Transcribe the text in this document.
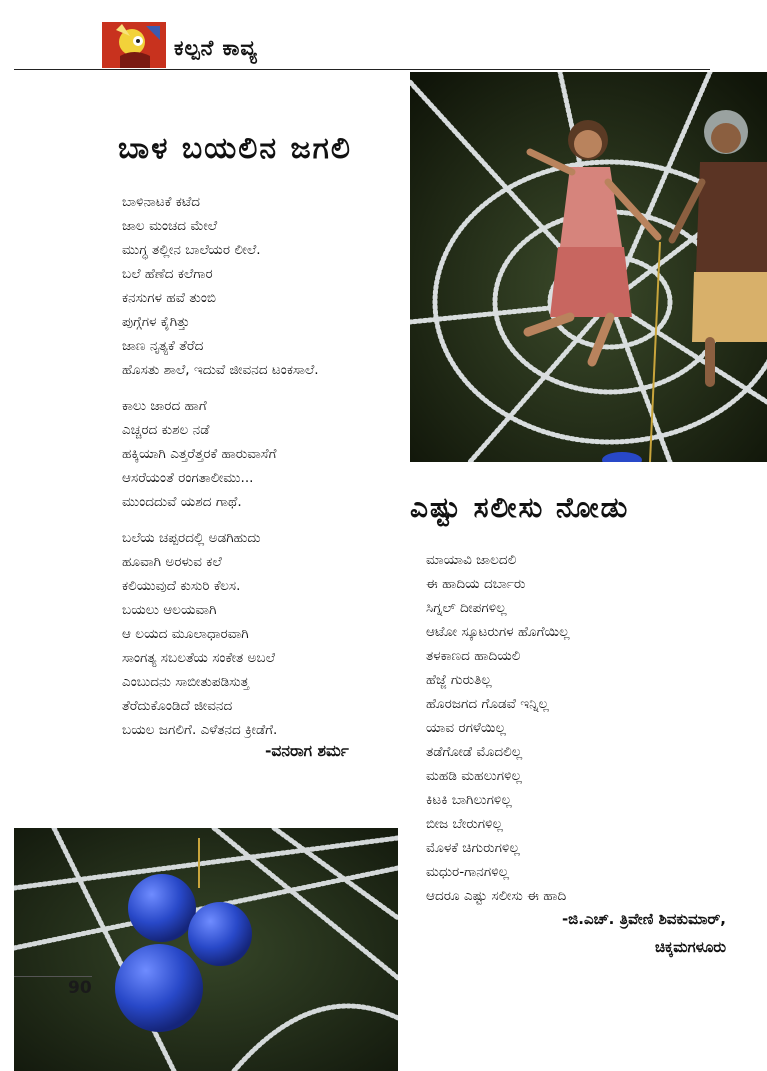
ಕಲ್ಪನೆ ಕಾವ್ಯ
ಬಾಳ ಬಯಲಿನ ಜಗಲಿ
ಬಾಳಿನಾಟಕೆ ಕಟೆದ
ಜಾಲ ಮಂಚದ ಮೇಲೆ
ಮುಗ್ಧ ತಲ್ಲೀನ ಬಾಲೆಯರ ಲೀಲೆ.
ಬಲೆ ಹೆಣೆದ ಕಲೆಗಾರ
ಕನಸುಗಳ ಹವೆ ತುಂಬಿ
ಪುಗ್ಗೆಗಳ ಕೈಗಿತ್ತು
ಜಾಣ ನೃತ್ಯಕೆ ತೆರೆದ
ಹೊಸತು ಶಾಲೆ, ಇದುವೆ ಜೀವನದ ಟಂಕಸಾಲೆ.
ಕಾಲು ಜಾರದ ಹಾಗೆ
ಎಚ್ಚರದ ಕುಶಲ ನಡೆ
ಹಕ್ಕಿಯಾಗಿ ಎತ್ತರೆತ್ತರಕೆ ಹಾರುವಾಸೆಗೆ
ಆಸರೆಯಂತೆ ರಂಗತಾಲೀಮು...
ಮುಂದದುವೆ ಯಶದ ಗಾಥೆ.
ಬಲೆಯ ಚಪ್ಪರದಲ್ಲಿ ಅಡಗಿಹುದು
ಹೂವಾಗಿ ಅರಳುವ ಕಲೆ
ಕಲಿಯುವುದೆ ಕುಸುರಿ ಕೆಲಸ.
ಬಯಲು ಆಲಯವಾಗಿ
ಆ ಲಯದ ಮೂಲಾಧಾರವಾಗಿ
ಸಾಂಗತ್ಯ ಸಬಲತೆಯ ಸಂಕೇತ ಅಬಲೆ
ಎಂಬುದನು ಸಾಬೀತುಪಡಿಸುತ್ತ
ತೆರೆದುಕೊಂಡಿದೆ ಜೀವನದ
ಬಯಲ ಜಗಲಿಗೆ. ಎಳೆತನದ ಕ್ರೀಡೆಗೆ.
-ವನರಾಗ ಶರ್ಮ
ಎಷ್ಟು ಸಲೀಸು ನೋಡು
ಮಾಯಾವಿ ಜಾಲದಲಿ
ಈ ಹಾದಿಯ ದರ್ಬಾರು
ಸಿಗ್ನಲ್ ದೀಪಗಳಿಲ್ಲ
ಆಟೋ ಸ್ಕೂಟರುಗಳ ಹೊಗೆಯಿಲ್ಲ
ತಳಕಾಣದ ಹಾದಿಯಲಿ
ಹೆಜ್ಜೆ ಗುರುತಿಲ್ಲ
ಹೊರಜಗದ ಗೊಡವೆ ಇನ್ನಿಲ್ಲ
ಯಾವ ರಗಳೆಯಿಲ್ಲ
ತಡೆಗೋಡೆ ಮೊದಲಿಲ್ಲ
ಮಹಡಿ ಮಹಲುಗಳಿಲ್ಲ
ಕಿಟಕಿ ಬಾಗಿಲುಗಳಿಲ್ಲ
ಬೀಜ ಬೇರುಗಳಿಲ್ಲ
ಮೊಳಕೆ ಚಿಗುರುಗಳಿಲ್ಲ
ಮಧುರ-ಗಾನಗಳಿಲ್ಲ
ಆದರೂ ಎಷ್ಟು ಸಲೀಸು ಈ ಹಾದಿ
-ಜಿ.ಎಚ್. ತ್ರಿವೇಣಿ ಶಿವಕುಮಾರ್,
ಚಿಕ್ಕಮಗಳೂರು
90
